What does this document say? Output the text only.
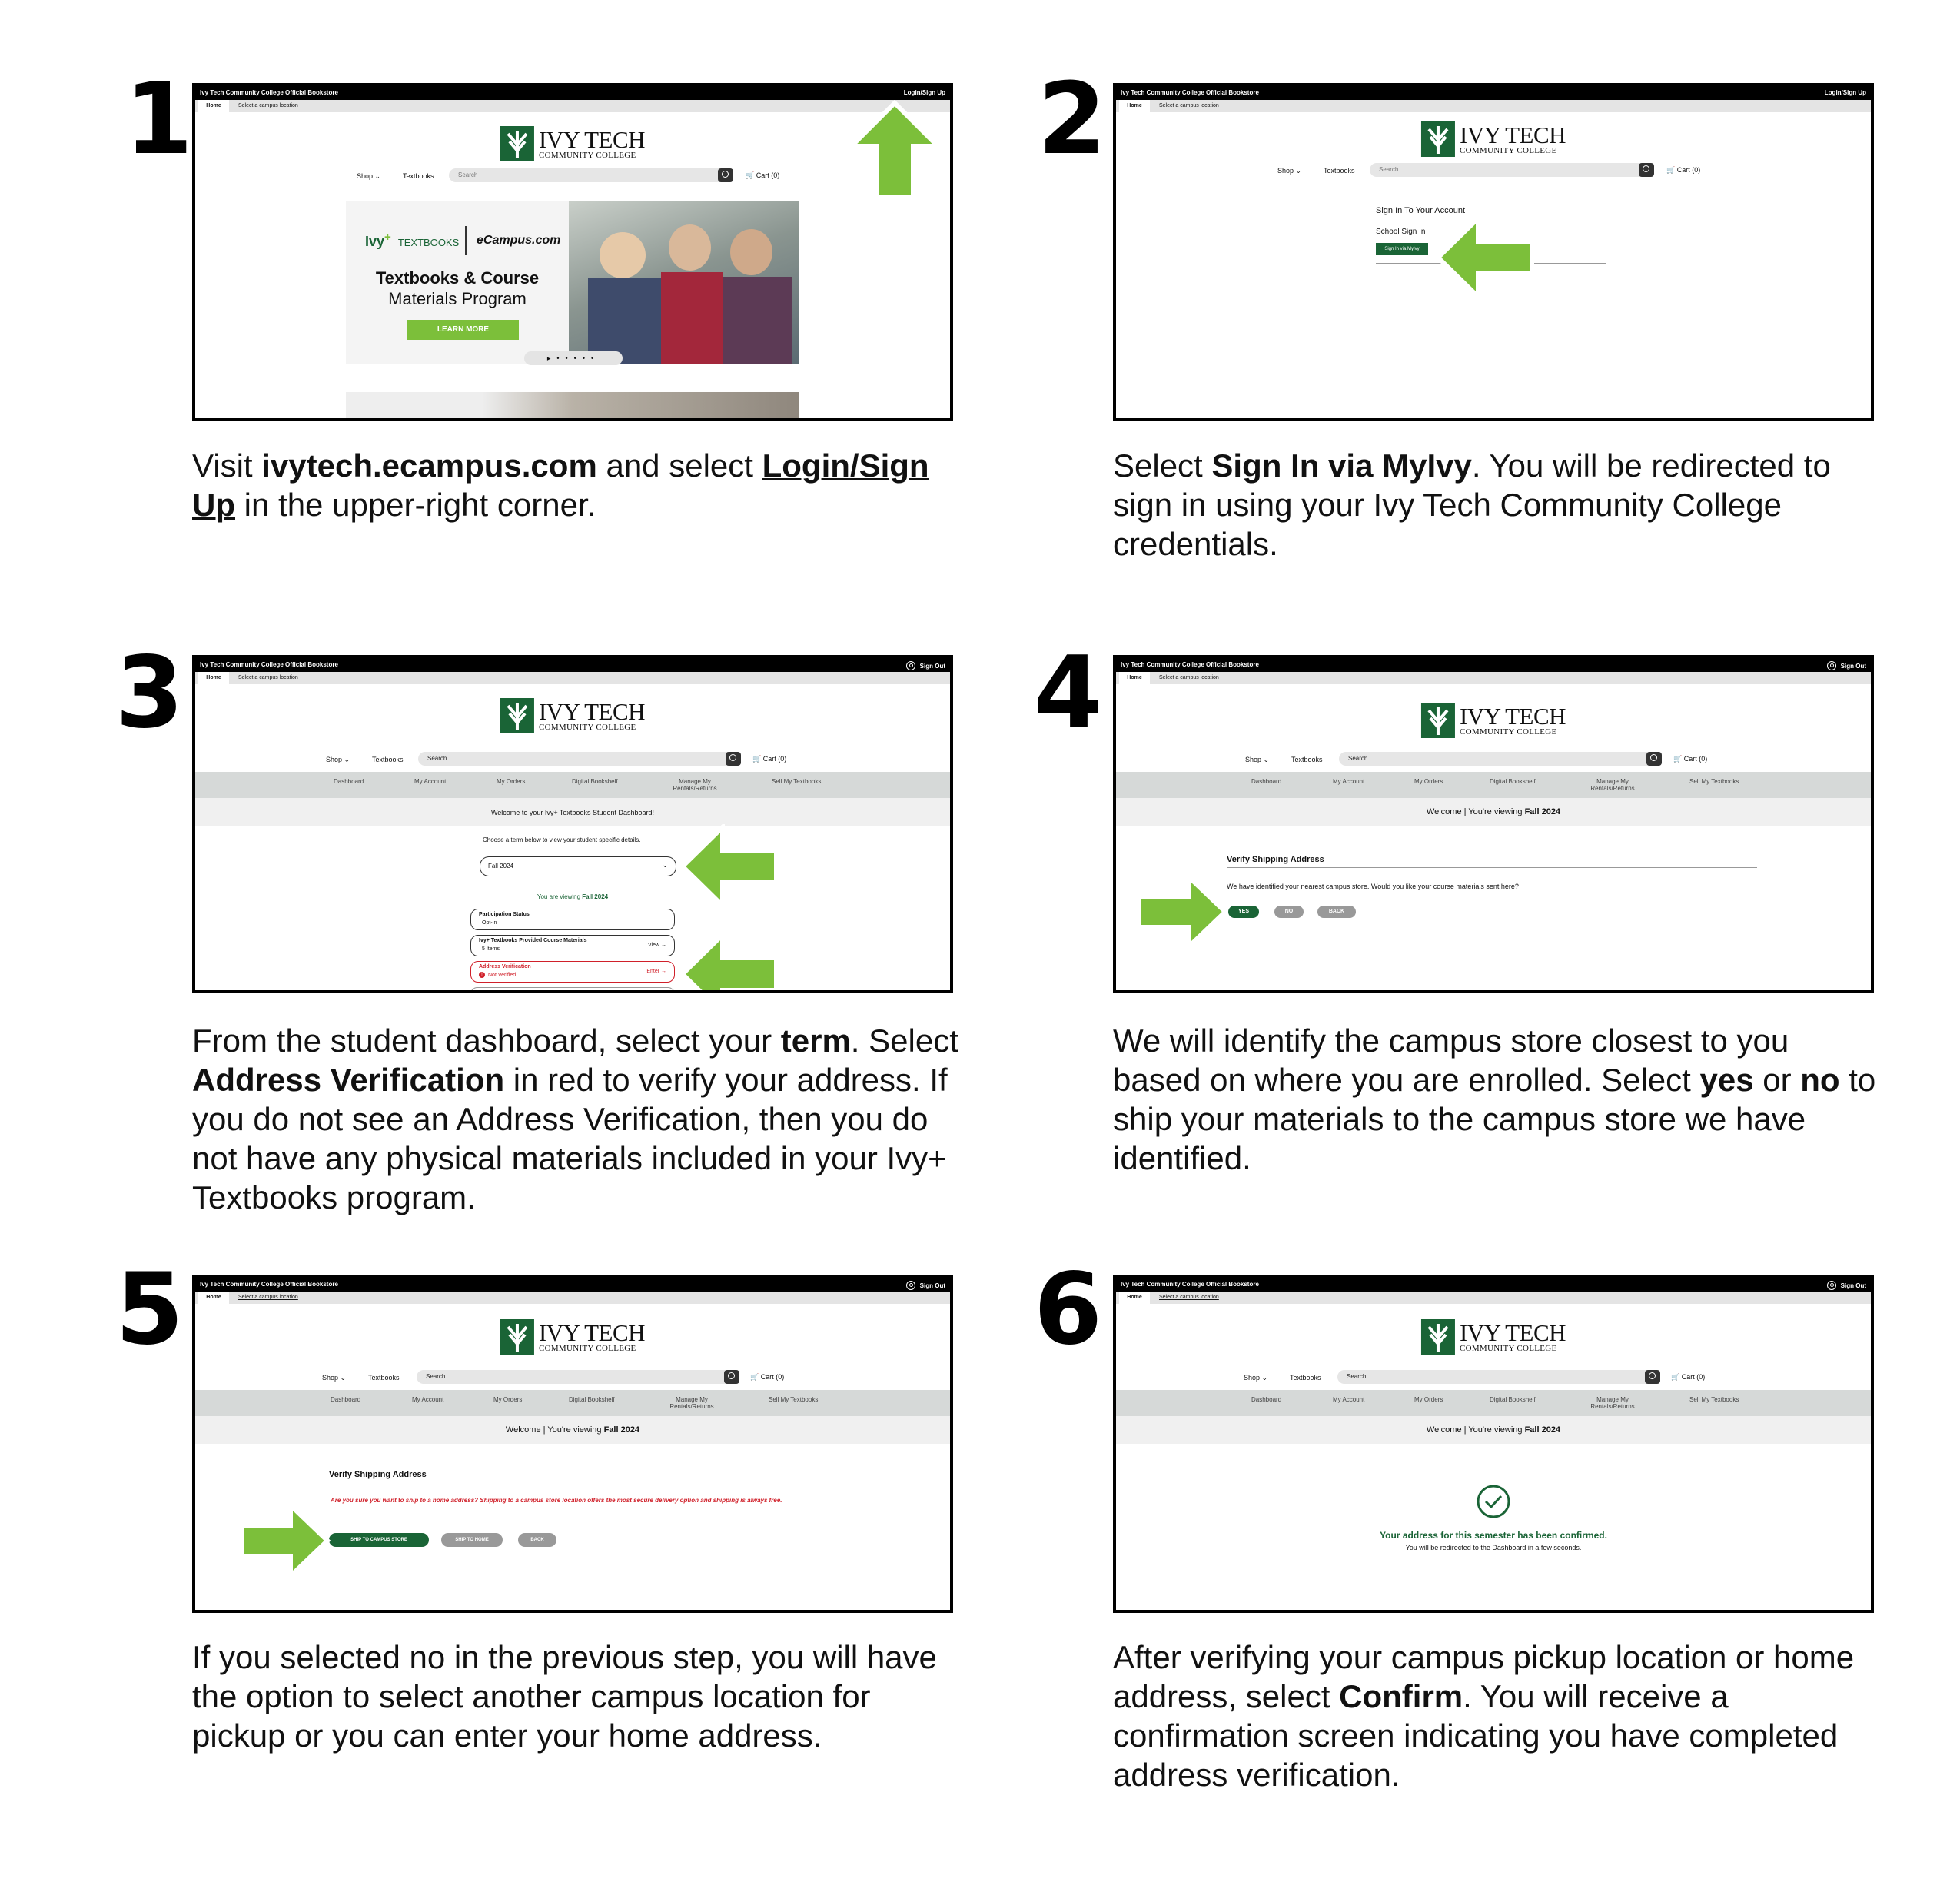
1 Ivy Tech Community College Official Bookstore	Login/Sign Up
Home	Select a campus location
IVY TECH
COMMUNITY COLLEGE
Shop ⌄	Textbooks	Search	🛒 Cart (0)
Ivy+ TEXTBOOKS eCampus.com
Textbooks & Course
Materials Program
LEARN MORE
▸•••••
Visit ivytech.ecampus.com and select Login/Sign Up in the upper-right corner.
2	Ivy Tech Community College Official Bookstore	Login/Sign Up
Home	Select a campus location
IVY TECH
COMMUNITY COLLEGE
Shop ⌄	Textbooks	Search	🛒 Cart (0)
Sign In To Your Account
School Sign In
Sign In via MyIvy
Select Sign In via MyIvy. You will be redirected to sign in using your Ivy Tech Community College credentials.
3	Ivy Tech Community College Official Bookstore	Sign Out
Home	Select a campus location
IVY TECH
COMMUNITY COLLEGE
Shop ⌄	Textbooks	Search	🛒 Cart (0)
Dashboard	My Account	My Orders	Digital Bookshelf	Manage My Rentals/Returns
Sell My Textbooks
Welcome to your Ivy+ Textbooks Student Dashboard!
Choose a term below to view your student specific details.
Fall 2024	⌄
You are viewing Fall 2024
Participation Status
Opt-In
Ivy+ Textbooks Provided Course Materials
5 Items
View →
Address Verification
!	Not Verified
Enter →
From the student dashboard, select your term. Select Address Verification in red to verify your address. If you do not see an Address Verification, then you do not have any physical materials included in your Ivy+ Textbooks program.
4	Ivy Tech Community College Official Bookstore	Sign Out
Home	Select a campus location
IVY TECH
COMMUNITY COLLEGE
Shop ⌄	Textbooks	Search	🛒 Cart (0)
Dashboard	My Account	My Orders	Digital Bookshelf	Manage My Rentals/Returns
Sell My Textbooks
Welcome | You're viewing Fall 2024
Verify Shipping Address
We have identified your nearest campus store. Would you like your course materials sent here?
YES	NO	BACK
We will identify the campus store closest to you based on where you are enrolled. Select yes or no to ship your materials to the campus store we have identified.
5	Ivy Tech Community College Official Bookstore	Sign Out
Home	Select a campus location
IVY TECH
COMMUNITY COLLEGE
Shop ⌄	Textbooks	Search	🛒 Cart (0)
Dashboard	My Account	My Orders	Digital Bookshelf	Manage My Rentals/Returns
Sell My Textbooks
Welcome | You're viewing Fall 2024
Verify Shipping Address
Are you sure you want to ship to a home address? Shipping to a campus store location offers the most secure delivery option and shipping is always free.
SHIP TO CAMPUS STORE	SHIP TO HOME	BACK
If you selected no in the previous step, you will have the option to select another campus location for pickup or you can enter your home address.
6	Ivy Tech Community College Official Bookstore	Sign Out
Home	Select a campus location
IVY TECH
COMMUNITY COLLEGE
Shop ⌄	Textbooks	Search	🛒 Cart (0)
Dashboard	My Account	My Orders	Digital Bookshelf	Manage My Rentals/Returns
Sell My Textbooks
Welcome | You're viewing Fall 2024
Your address for this semester has been confirmed.
You will be redirected to the Dashboard in a few seconds.
After verifying your campus pickup location or home address, select Confirm. You will receive a confirmation screen indicating you have completed address verification.
